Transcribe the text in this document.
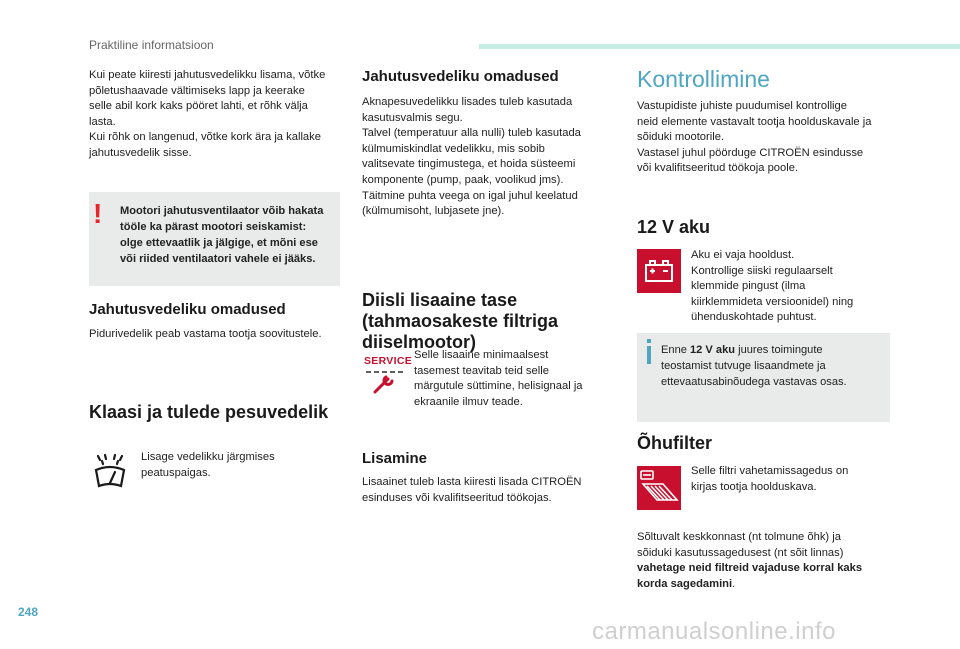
Praktiline informatsioon

Kui peate kiiresti jahutusvedelikku lisama, võtke
põletushaavade vältimiseks lapp ja keerake
selle abil kork kaks pööret lahti, et rõhk välja
lasta.
Kui rõhk on langenud, võtke kork ära ja kallake
jahutusvedelik sisse.

! Mootori jahutusventilaator võib hakata
tööle ka pärast mootori seiskamist:
olge ettevaatlik ja jälgige, et mõni ese
või riided ventilaatori vahele ei jääks.

Jahutusvedeliku omadused

Pidurivedelik peab vastama tootja soovitustele.

Klaasi ja tulede pesuvedelik

Lisage vedelikku järgmises
peatuspaigas.

Jahutusvedeliku omadused

Aknapesuvedelikku lisades tuleb kasutada
kasutusvalmis segu.
Talvel (temperatuur alla nulli) tuleb kasutada
külmumiskindlat vedelikku, mis sobib
valitsevate tingimustega, et hoida süsteemi
komponente (pump, paak, voolikud jms).
Täitmine puhta veega on igal juhul keelatud
(külmumisoht, lubjasete jne).

Diisli lisaaine tase
(tahmaosakeste filtriga
diiselmootor)
SERVICE Selle lisaaine minimaalsest
tasemest teavitab teid selle
märgutule süttimine, helisignaal ja
ekraanile ilmuv teade.

Lisamine

Lisaainet tuleb lasta kiiresti lisada CITROËN
esinduses või kvalifitseeritud töökojas.

Kontrollimine

Vastupidiste juhiste puudumisel kontrollige
neid elemente vastavalt tootja hoolduskavale ja
sõiduki mootorile.
Vastasel juhul pöörduge CITROËN esindusse
või kvalifitseeritud töökoja poole.

12 V aku

Aku ei vaja hooldust.
Kontrollige siiski regulaarselt
klemmide pingust (ilma
kiirklemmideta versioonidel) ning
ühenduskohtade puhtust.

Enne 12 V aku juures toimingute
teostamist tutvuge lisaandmete ja
ettevaatusabinõudega vastavas osas.

Õhufilter

Selle filtri vahetamissagedus on
kirjas tootja hoolduskava.

Sõltuvalt keskkonnast (nt tolmune õhk) ja
sõiduki kasutussagedusest (nt sõit linnas)

vahetage neid filtreid vajaduse korral kaks
korda sagedamini.

248
carmanualsonline.info
